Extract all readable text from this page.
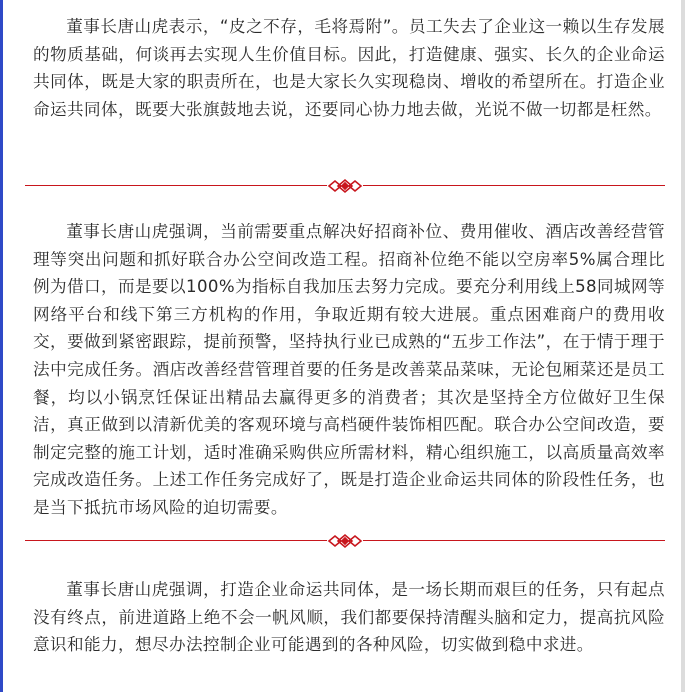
董事长唐山虎表示，“皮之不存，毛将焉附”。员工失去了企业这一赖以生存发展的物质基础，何谈再去实现人生价值目标。因此，打造健康、强实、长久的企业命运共同体，既是大家的职责所在，也是大家长久实现稳岗、增收的希望所在。打造企业命运共同体，既要大张旗鼓地去说，还要同心协力地去做，光说不做一切都是枉然。

董事长唐山虎强调，当前需要重点解决好招商补位、费用催收、酒店改善经营管理等突出问题和抓好联合办公空间改造工程。招商补位绝不能以空房率5%属合理比例为借口，而是要以100%为指标自我加压去努力完成。要充分利用线上58同城网等网络平台和线下第三方机构的作用，争取近期有较大进展。重点困难商户的费用收交，要做到紧密跟踪，提前预警，坚持执行业已成熟的“五步工作法”，在于情于理于法中完成任务。酒店改善经营管理首要的任务是改善菜品菜味，无论包厢菜还是员工餐，均以小锅烹饪保证出精品去赢得更多的消费者；其次是坚持全方位做好卫生保洁，真正做到以清新优美的客观环境与高档硬件装饰相匹配。联合办公空间改造，要制定完整的施工计划，适时准确采购供应所需材料，精心组织施工，以高质量高效率完成改造任务。上述工作任务完成好了，既是打造企业命运共同体的阶段性任务，也是当下抵抗市场风险的迫切需要。

董事长唐山虎强调，打造企业命运共同体，是一场长期而艰巨的任务，只有起点没有终点，前进道路上绝不会一帆风顺，我们都要保持清醒头脑和定力，提高抗风险意识和能力，想尽办法控制企业可能遇到的各种风险，切实做到稳中求进。
